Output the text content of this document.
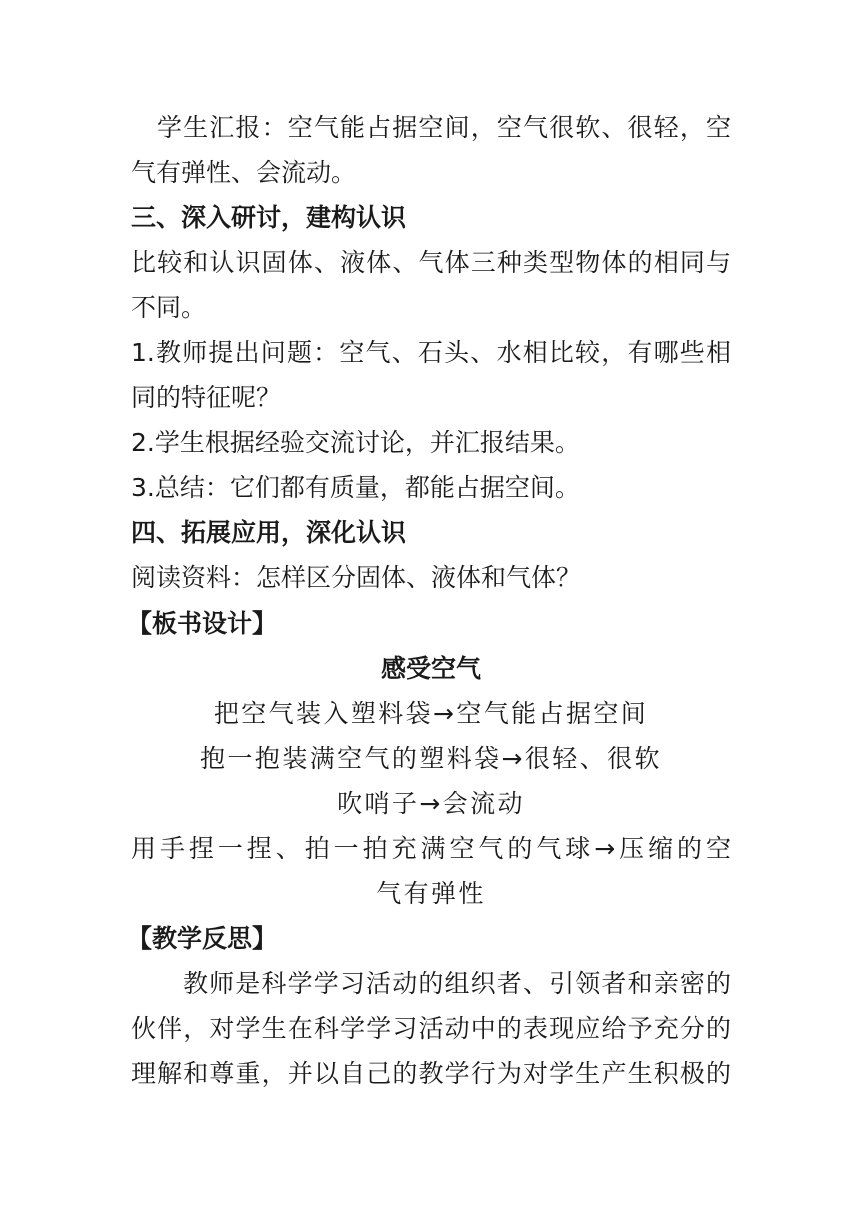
学生汇报：空气能占据空间，空气很软、很轻，空
气有弹性、会流动。
三、深入研讨，建构认识
比较和认识固体、液体、气体三种类型物体的相同与
不同。
1.教师提出问题：空气、石头、水相比较，有哪些相
同的特征呢？
2.学生根据经验交流讨论，并汇报结果。
3.总结：它们都有质量，都能占据空间。
四、拓展应用，深化认识
阅读资料：怎样区分固体、液体和气体？
【板书设计】
感受空气
把空气装入塑料袋→空气能占据空间
抱一抱装满空气的塑料袋→很轻、很软
吹哨子→会流动
用手捏一捏、拍一拍充满空气的气球→压缩的空
气有弹性
【教学反思】
教师是科学学习活动的组织者、引领者和亲密的
伙伴，对学生在科学学习活动中的表现应给予充分的
理解和尊重，并以自己的教学行为对学生产生积极的
